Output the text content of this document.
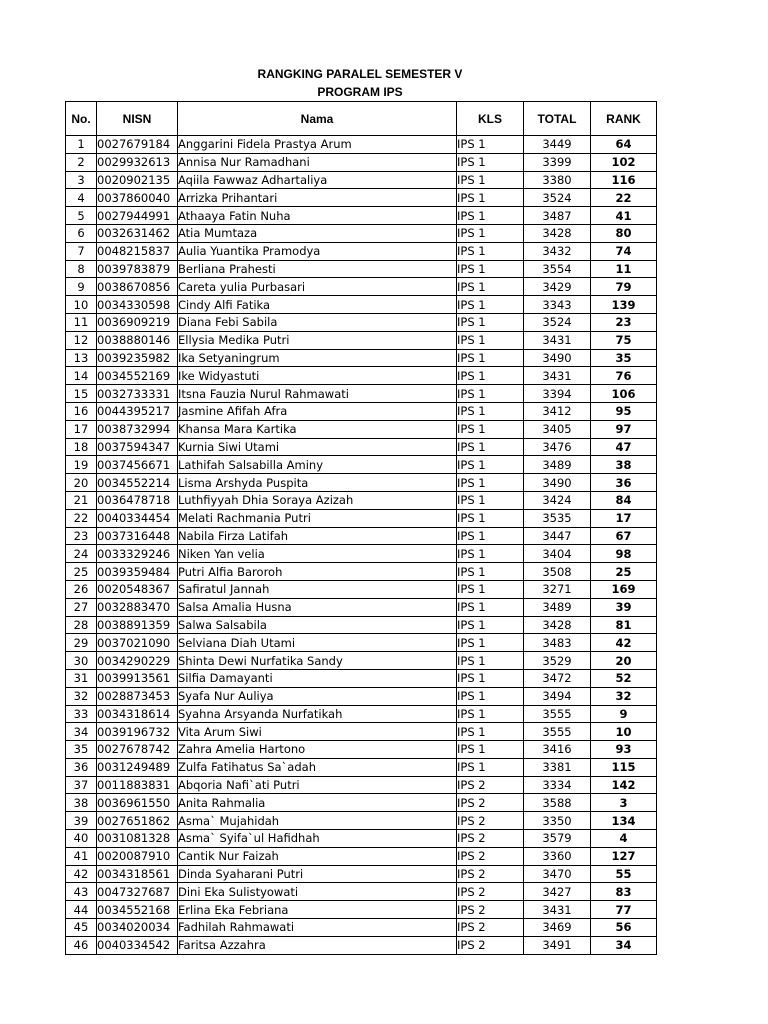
RANGKING PARALEL SEMESTER V
PROGRAM IPS
No.	NISN	Nama	KLS	TOTAL	RANK
1	0027679184	Anggarini Fidela Prastya Arum	IPS 1	3449	64
2	0029932613	Annisa Nur Ramadhani	IPS 1	3399	102
3	0020902135	Aqiila Fawwaz Adhartaliya	IPS 1	3380	116
4	0037860040	Arrizka Prihantari	IPS 1	3524	22
5	0027944991	Athaaya Fatin Nuha	IPS 1	3487	41
6	0032631462	Atia Mumtaza	IPS 1	3428	80
7	0048215837	Aulia Yuantika Pramodya	IPS 1	3432	74
8	0039783879	Berliana Prahesti	IPS 1	3554	11
9	0038670856	Careta yulia Purbasari	IPS 1	3429	79
10	0034330598	Cindy Alfi Fatika	IPS 1	3343	139
11	0036909219	Diana Febi Sabila	IPS 1	3524	23
12	0038880146	Ellysia Medika Putri	IPS 1	3431	75
13	0039235982	Ika Setyaningrum	IPS 1	3490	35
14	0034552169	Ike Widyastuti	IPS 1	3431	76
15	0032733331	Itsna Fauzia Nurul Rahmawati	IPS 1	3394	106
16	0044395217	Jasmine Afifah Afra	IPS 1	3412	95
17	0038732994	Khansa Mara Kartika	IPS 1	3405	97
18	0037594347	Kurnia Siwi Utami	IPS 1	3476	47
19	0037456671	Lathifah Salsabilla Aminy	IPS 1	3489	38
20	0034552214	Lisma Arshyda Puspita	IPS 1	3490	36
21	0036478718	Luthfiyyah Dhia Soraya Azizah	IPS 1	3424	84
22	0040334454	Melati Rachmania Putri	IPS 1	3535	17
23	0037316448	Nabila Firza Latifah	IPS 1	3447	67
24	0033329246	Niken Yan velia	IPS 1	3404	98
25	0039359484	Putri Alfia Baroroh	IPS 1	3508	25
26	0020548367	Safiratul Jannah	IPS 1	3271	169
27	0032883470	Salsa Amalia Husna	IPS 1	3489	39
28	0038891359	Salwa Salsabila	IPS 1	3428	81
29	0037021090	Selviana Diah Utami	IPS 1	3483	42
30	0034290229	Shinta Dewi Nurfatika Sandy	IPS 1	3529	20
31	0039913561	Silfia Damayanti	IPS 1	3472	52
32	0028873453	Syafa Nur Auliya	IPS 1	3494	32
33	0034318614	Syahna Arsyanda Nurfatikah	IPS 1	3555	9
34	0039196732	Vita Arum Siwi	IPS 1	3555	10
35	0027678742	Zahra Amelia Hartono	IPS 1	3416	93
36	0031249489	Zulfa Fatihatus Sa`adah	IPS 1	3381	115
37	0011883831	Abqoria Nafi`ati Putri	IPS 2	3334	142
38	0036961550	Anita Rahmalia	IPS 2	3588	3
39	0027651862	Asma` Mujahidah	IPS 2	3350	134
40	0031081328	Asma` Syifa`ul Hafidhah	IPS 2	3579	4
41	0020087910	Cantik Nur Faizah	IPS 2	3360	127
42	0034318561	Dinda Syaharani Putri	IPS 2	3470	55
43	0047327687	Dini Eka Sulistyowati	IPS 2	3427	83
44	0034552168	Erlina Eka Febriana	IPS 2	3431	77
45	0034020034	Fadhilah Rahmawati	IPS 2	3469	56
46	0040334542	Faritsa Azzahra	IPS 2	3491	34
